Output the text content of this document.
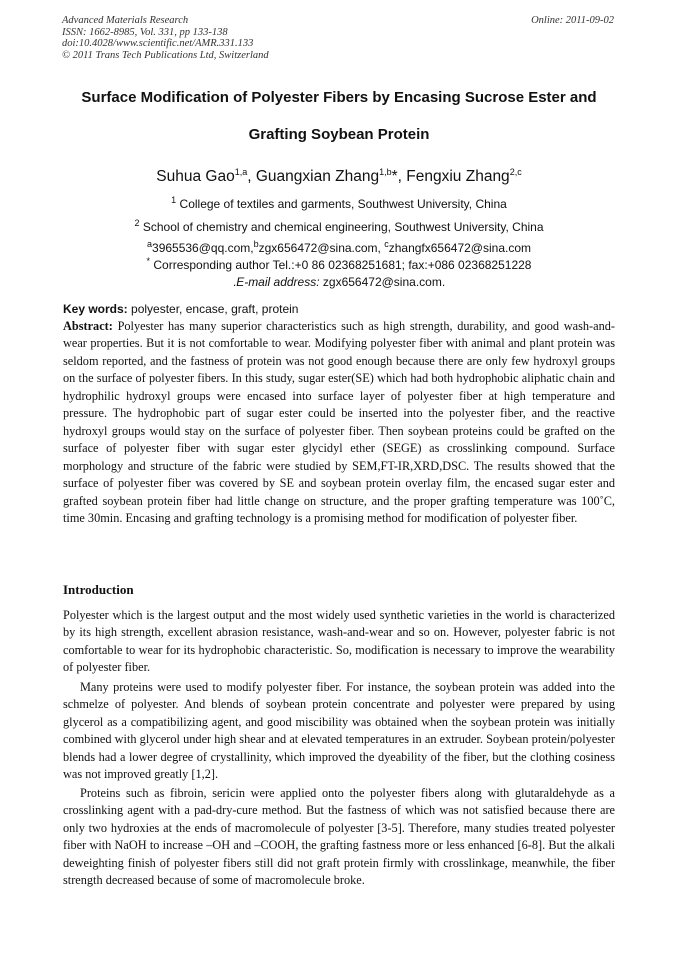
Advanced Materials Research
ISSN: 1662-8985, Vol. 331, pp 133-138
doi:10.4028/www.scientific.net/AMR.331.133
© 2011 Trans Tech Publications Ltd, Switzerland
Online: 2011-09-02
Surface Modification of Polyester Fibers by Encasing Sucrose Ester and
Grafting Soybean Protein
Suhua Gao$^{1,a}$, Guangxian Zhang$^{1,b}$*, Fengxiu Zhang$^{2,c}$
$^1$ College of textiles and garments, Southwest University, China
$^2$ School of chemistry and chemical engineering, Southwest University, China
$^a$3965536@qq.com,$^b$zgx656472@sina.com, $^c$zhangfx656472@sina.com
* Corresponding author Tel.:+0 86 02368251681; fax:+086 02368251228
.E-mail address: zgx656472@sina.com.
Key words: polyester, encase, graft, protein

Abstract: Polyester has many superior characteristics such as high strength, durability, and good wash-and-wear properties. But it is not comfortable to wear. Modifying polyester fiber with animal and plant protein was seldom reported, and the fastness of protein was not good enough because there are only few hydroxyl groups on the surface of polyester fibers. In this study, sugar ester(SE) which had both hydrophobic aliphatic chain and hydrophilic hydroxyl groups were encased into surface layer of polyester fiber at high temperature and pressure. The hydrophobic part of sugar ester could be inserted into the polyester fiber, and the reactive hydroxyl groups would stay on the surface of polyester fiber. Then soybean proteins could be grafted on the surface of polyester fiber with sugar ester glycidyl ether (SEGE) as crosslinking compound. Surface morphology and structure of the fabric were studied by SEM,FT-IR,XRD,DSC. The results showed that the surface of polyester fiber was covered by SE and soybean protein overlay film, the encased sugar ester and grafted soybean protein fiber had little change on structure, and the proper grafting temperature was 100˚C, time 30min. Encasing and grafting technology is a promising method for modification of polyester fiber.

Introduction

Polyester which is the largest output and the most widely used synthetic varieties in the world is characterized by its high strength, excellent abrasion resistance, wash-and-wear and so on. However, polyester fabric is not comfortable to wear for its hydrophobic characteristic. So, modification is necessary to improve the wearability of polyester fiber.

Many proteins were used to modify polyester fiber. For instance, the soybean protein was added into the schmelze of polyester. And blends of soybean protein concentrate and polyester were prepared by using glycerol as a compatibilizing agent, and good miscibility was obtained when the soybean protein was initially combined with glycerol under high shear and at elevated temperatures in an extruder. Soybean protein/polyester blends had a lower degree of crystallinity, which improved the dyeability of the fiber, but the clothing cosiness was not improved greatly [1,2].

Proteins such as fibroin, sericin were applied onto the polyester fibers along with glutaraldehyde as a crosslinking agent with a pad-dry-cure method. But the fastness of which was not satisfied because there are only two hydroxies at the ends of macromolecule of polyester [3-5]. Therefore, many studies treated polyester fiber with NaOH to increase –OH and –COOH, the grafting fastness more or less enhanced [6-8]. But the alkali deweighting finish of polyester fibers still did not graft protein firmly with crosslinkage, meanwhile, the fiber strength decreased because of some of macromolecule broke.
